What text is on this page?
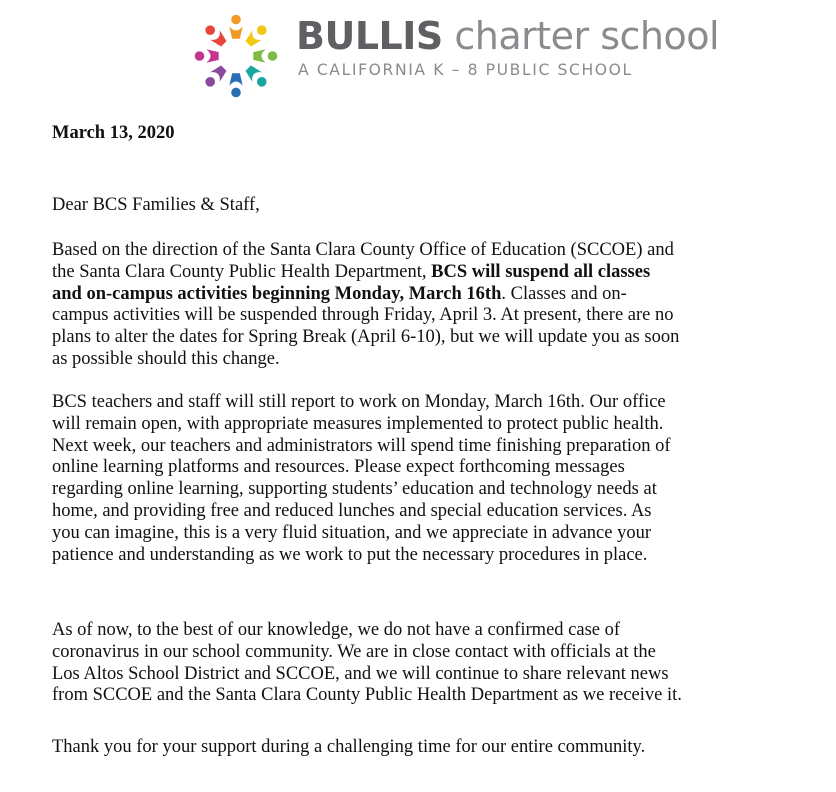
BULLIS charter school
A CALIFORNIA K – 8 PUBLIC SCHOOL

March 13, 2020

Dear BCS Families & Staff,

Based on the direction of the Santa Clara County Office of Education (SCCOE) and
the Santa Clara County Public Health Department, BCS will suspend all classes
and on-campus activities beginning Monday, March 16th. Classes and on-
campus activities will be suspended through Friday, April 3. At present, there are no
plans to alter the dates for Spring Break (April 6-10), but we will update you as soon
as possible should this change.

BCS teachers and staff will still report to work on Monday, March 16th. Our office
will remain open, with appropriate measures implemented to protect public health.
Next week, our teachers and administrators will spend time finishing preparation of
online learning platforms and resources. Please expect forthcoming messages
regarding online learning, supporting students’ education and technology needs at
home, and providing free and reduced lunches and special education services. As
you can imagine, this is a very fluid situation, and we appreciate in advance your
patience and understanding as we work to put the necessary procedures in place.

As of now, to the best of our knowledge, we do not have a confirmed case of
coronavirus in our school community. We are in close contact with officials at the
Los Altos School District and SCCOE, and we will continue to share relevant news
from SCCOE and the Santa Clara County Public Health Department as we receive it.

Thank you for your support during a challenging time for our entire community.
